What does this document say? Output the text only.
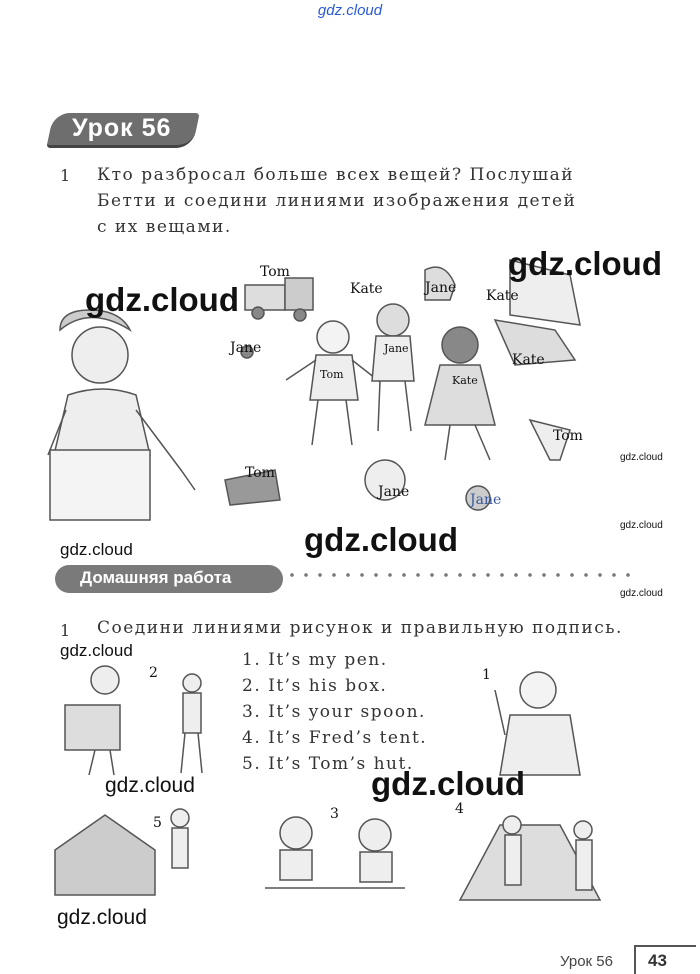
gdz.cloud
Урок 56
1 Кто разбросал больше всех вещей? Послушай
Бетти и соедини линиями изображения детей
с их вещами.
Tom
Kate	Jane Kate
Jane
Kate
Tom
Tom
Jane	Jane
Tom
Jane
Kate
Домашняя работа
1 Соедини линиями рисунок и правильную подпись.
1. It’s my pen.
2. It’s his box.
3. It’s your spoon.
4. It’s Fred’s tent.
5. It’s Tom’s hut.
2	1
5
3	4
gdz.cloud
gdz.cloud
gdz.cloud
gdz.cloud
gdz.cloud
gdz.cloud
gdz.cloud
gdz.cloud
gdz.cloud
gdz.cloud
gdz.cloud
Урок 56 43
